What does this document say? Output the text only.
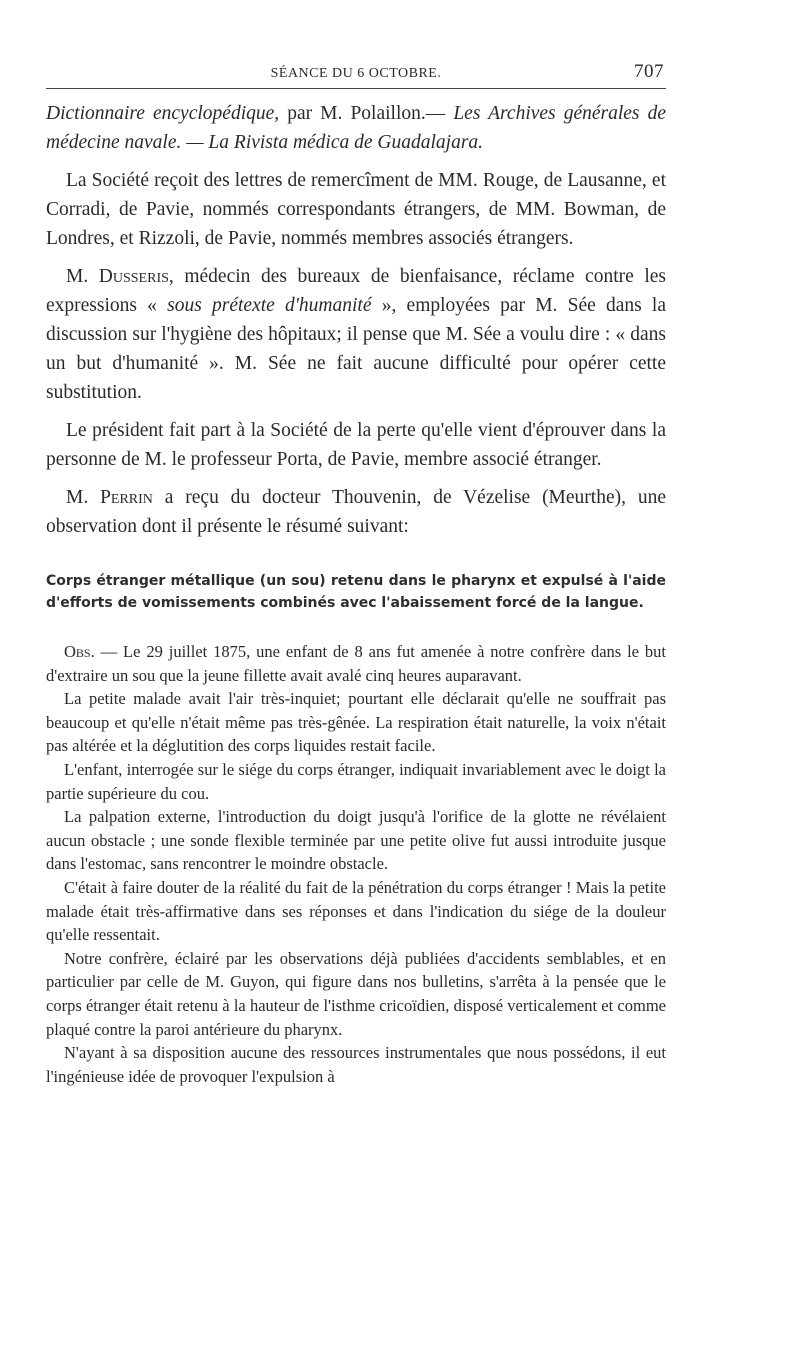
SÉANCE DU 6 OCTOBRE.	707

Dictionnaire encyclopédique, par M. Polaillon.— Les Archives générales de médecine navale. — La Rivista médica de Guadalajara.

La Société reçoit des lettres de remercîment de MM. Rouge, de Lausanne, et Corradi, de Pavie, nommés correspondants étrangers, de MM. Bowman, de Londres, et Rizzoli, de Pavie, nommés membres associés étrangers.

M. Dusseris, médecin des bureaux de bienfaisance, réclame contre les expressions « sous prétexte d'humanité », employées par M. Sée dans la discussion sur l'hygiène des hôpitaux; il pense que M. Sée a voulu dire : « dans un but d'humanité ». M. Sée ne fait aucune difficulté pour opérer cette substitution.

Le président fait part à la Société de la perte qu'elle vient d'éprouver dans la personne de M. le professeur Porta, de Pavie, membre associé étranger.

M. Perrin a reçu du docteur Thouvenin, de Vézelise (Meurthe), une observation dont il présente le résumé suivant:

Corps étranger métallique (un sou) retenu dans le pharynx et expulsé à l'aide d'efforts de vomissements combinés avec l'abaissement forcé de la langue.

Obs. — Le 29 juillet 1875, une enfant de 8 ans fut amenée à notre confrère dans le but d'extraire un sou que la jeune fillette avait avalé cinq heures auparavant.

La petite malade avait l'air très-inquiet; pourtant elle déclarait qu'elle ne souffrait pas beaucoup et qu'elle n'était même pas très-gênée. La respiration était naturelle, la voix n'était pas altérée et la déglutition des corps liquides restait facile.

L'enfant, interrogée sur le siége du corps étranger, indiquait invariablement avec le doigt la partie supérieure du cou.

La palpation externe, l'introduction du doigt jusqu'à l'orifice de la glotte ne révélaient aucun obstacle ; une sonde flexible terminée par une petite olive fut aussi introduite jusque dans l'estomac, sans rencontrer le moindre obstacle.

C'était à faire douter de la réalité du fait de la pénétration du corps étranger ! Mais la petite malade était très-affirmative dans ses réponses et dans l'indication du siége de la douleur qu'elle ressentait.

Notre confrère, éclairé par les observations déjà publiées d'accidents semblables, et en particulier par celle de M. Guyon, qui figure dans nos bulletins, s'arrêta à la pensée que le corps étranger était retenu à la hauteur de l'isthme cricoïdien, disposé verticalement et comme plaqué contre la paroi antérieure du pharynx.

N'ayant à sa disposition aucune des ressources instrumentales que nous possédons, il eut l'ingénieuse idée de provoquer l'expulsion à
